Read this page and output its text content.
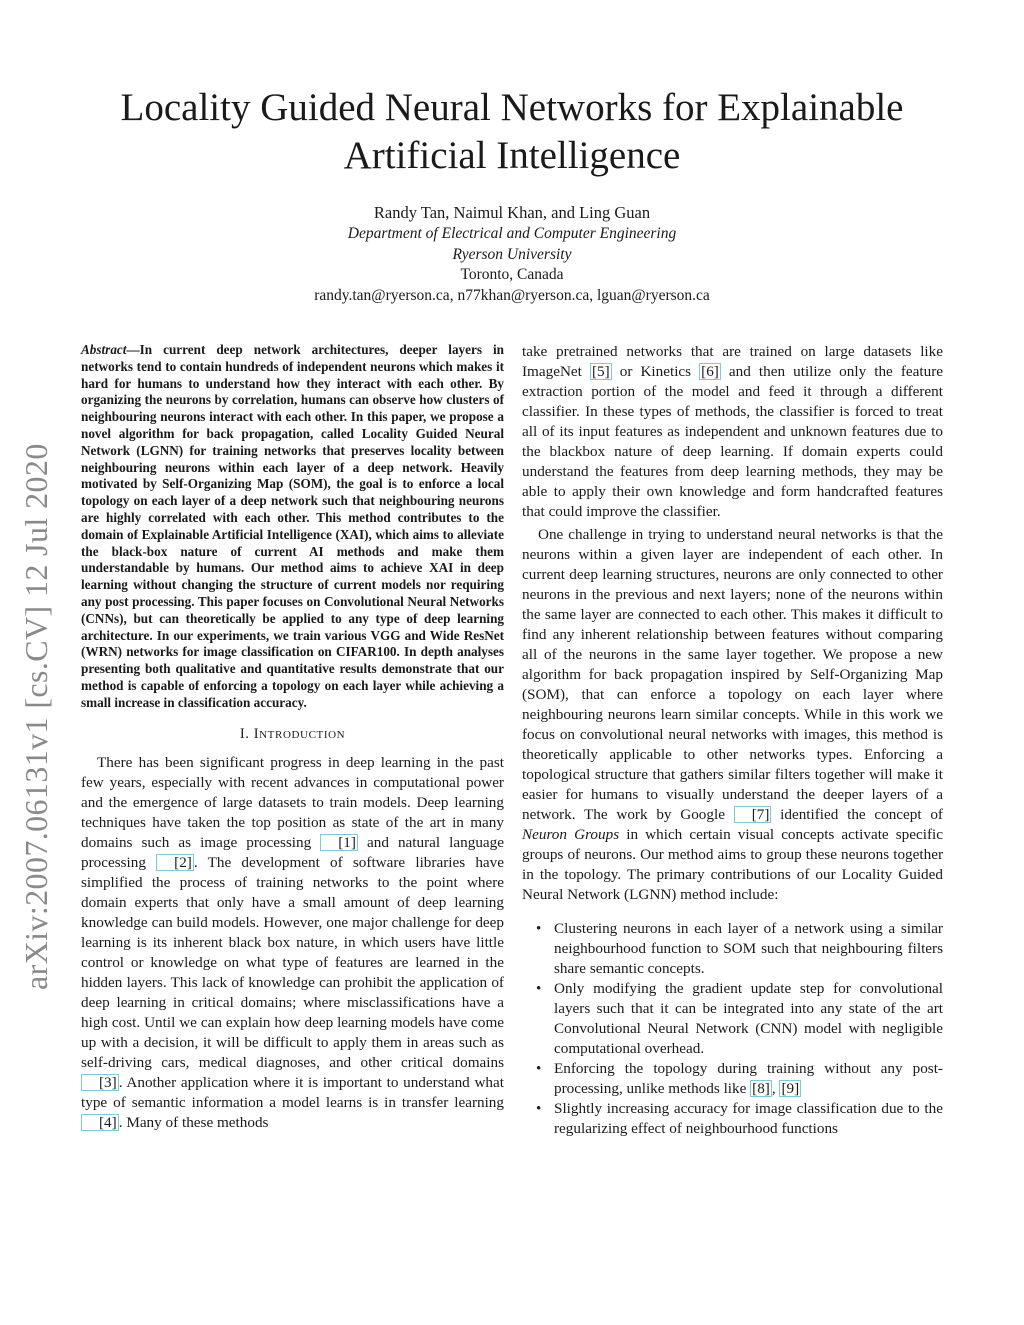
arXiv:2007.06131v1 [cs.CV] 12 Jul 2020
Locality Guided Neural Networks for Explainable
Artificial Intelligence
Randy Tan, Naimul Khan, and Ling Guan
Department of Electrical and Computer Engineering
Ryerson University
Toronto, Canada
randy.tan@ryerson.ca, n77khan@ryerson.ca, lguan@ryerson.ca

Abstract—In current deep network architectures, deeper layers in networks tend to contain hundreds of independent neurons which makes it hard for humans to understand how they interact with each other. By organizing the neurons by correlation, humans can observe how clusters of neighbouring neurons interact with each other. In this paper, we propose a novel algorithm for back propagation, called Locality Guided Neural Network (LGNN) for training networks that preserves locality between neighbouring neurons within each layer of a deep network. Heavily motivated by Self-Organizing Map (SOM), the goal is to enforce a local topology on each layer of a deep network such that neighbouring neurons are highly correlated with each other. This method contributes to the domain of Explainable Artificial Intelligence (XAI), which aims to alleviate the black-box nature of current AI methods and make them understandable by humans. Our method aims to achieve XAI in deep learning without changing the structure of current models nor requiring any post processing. This paper focuses on Convolutional Neural Networks (CNNs), but can theoretically be applied to any type of deep learning architecture. In our experiments, we train various VGG and Wide ResNet (WRN) networks for image classification on CIFAR100. In depth analyses presenting both qualitative and quantitative results demonstrate that our method is capable of enforcing a topology on each layer while achieving a small increase in classification accuracy.

I. INTRODUCTION

There has been significant progress in deep learning in the past few years, especially with recent advances in computational power and the emergence of large datasets to train models. Deep learning techniques have taken the top position as state of the art in many domains such as image processing [1] and natural language processing [2] . The development of software libraries have simplified the process of training networks to the point where domain experts that only have a small amount of deep learning knowledge can build models. However, one major challenge for deep learning is its inherent black box nature, in which users have little control or knowledge on what type of features are learned in the hidden layers. This lack of knowledge can prohibit the application of deep learning in critical domains; where misclassifications have a high cost. Until we can explain how deep learning models have come up with a decision, it will be difficult to apply them in areas such as self-driving cars, medical diagnoses, and other critical domains [3] . Another application where it is important to understand what type of semantic information a model learns is in transfer learning [4] . Many of these methods

take pretrained networks that are trained on large datasets like ImageNet [5] or Kinetics [6] and then utilize only the feature extraction portion of the model and feed it through a different classifier. In these types of methods, the classifier is forced to treat all of its input features as independent and unknown features due to the blackbox nature of deep learning. If domain experts could understand the features from deep learning methods, they may be able to apply their own knowledge and form handcrafted features that could improve the classifier.

One challenge in trying to understand neural networks is that the neurons within a given layer are independent of each other. In current deep learning structures, neurons are only connected to other neurons in the previous and next layers; none of the neurons within the same layer are connected to each other. This makes it difficult to find any inherent relationship between features without comparing all of the neurons in the same layer together. We propose a new algorithm for back propagation inspired by Self-Organizing Map (SOM), that can enforce a topology on each layer where neighbouring neurons learn similar concepts. While in this work we focus on convolutional neural networks with images, this method is theoretically applicable to other networks types. Enforcing a topological structure that gathers similar filters together will make it easier for humans to visually understand the deeper layers of a network. The work by Google [7] identified the concept of Neuron Groups in which certain visual concepts activate specific groups of neurons. Our method aims to group these neurons together in the topology. The primary contributions of our Locality Guided Neural Network (LGNN) method include:

• Clustering neurons in each layer of a network using a similar neighbourhood function to SOM such that neighbouring filters share semantic concepts.
• Only modifying the gradient update step for convolutional layers such that it can be integrated into any state of the art Convolutional Neural Network (CNN) model with negligible computational overhead.
• Enforcing the topology during training without any post-processing, unlike methods like [8] , [9]
• Slightly increasing accuracy for image classification due to the regularizing effect of neighbourhood functions
